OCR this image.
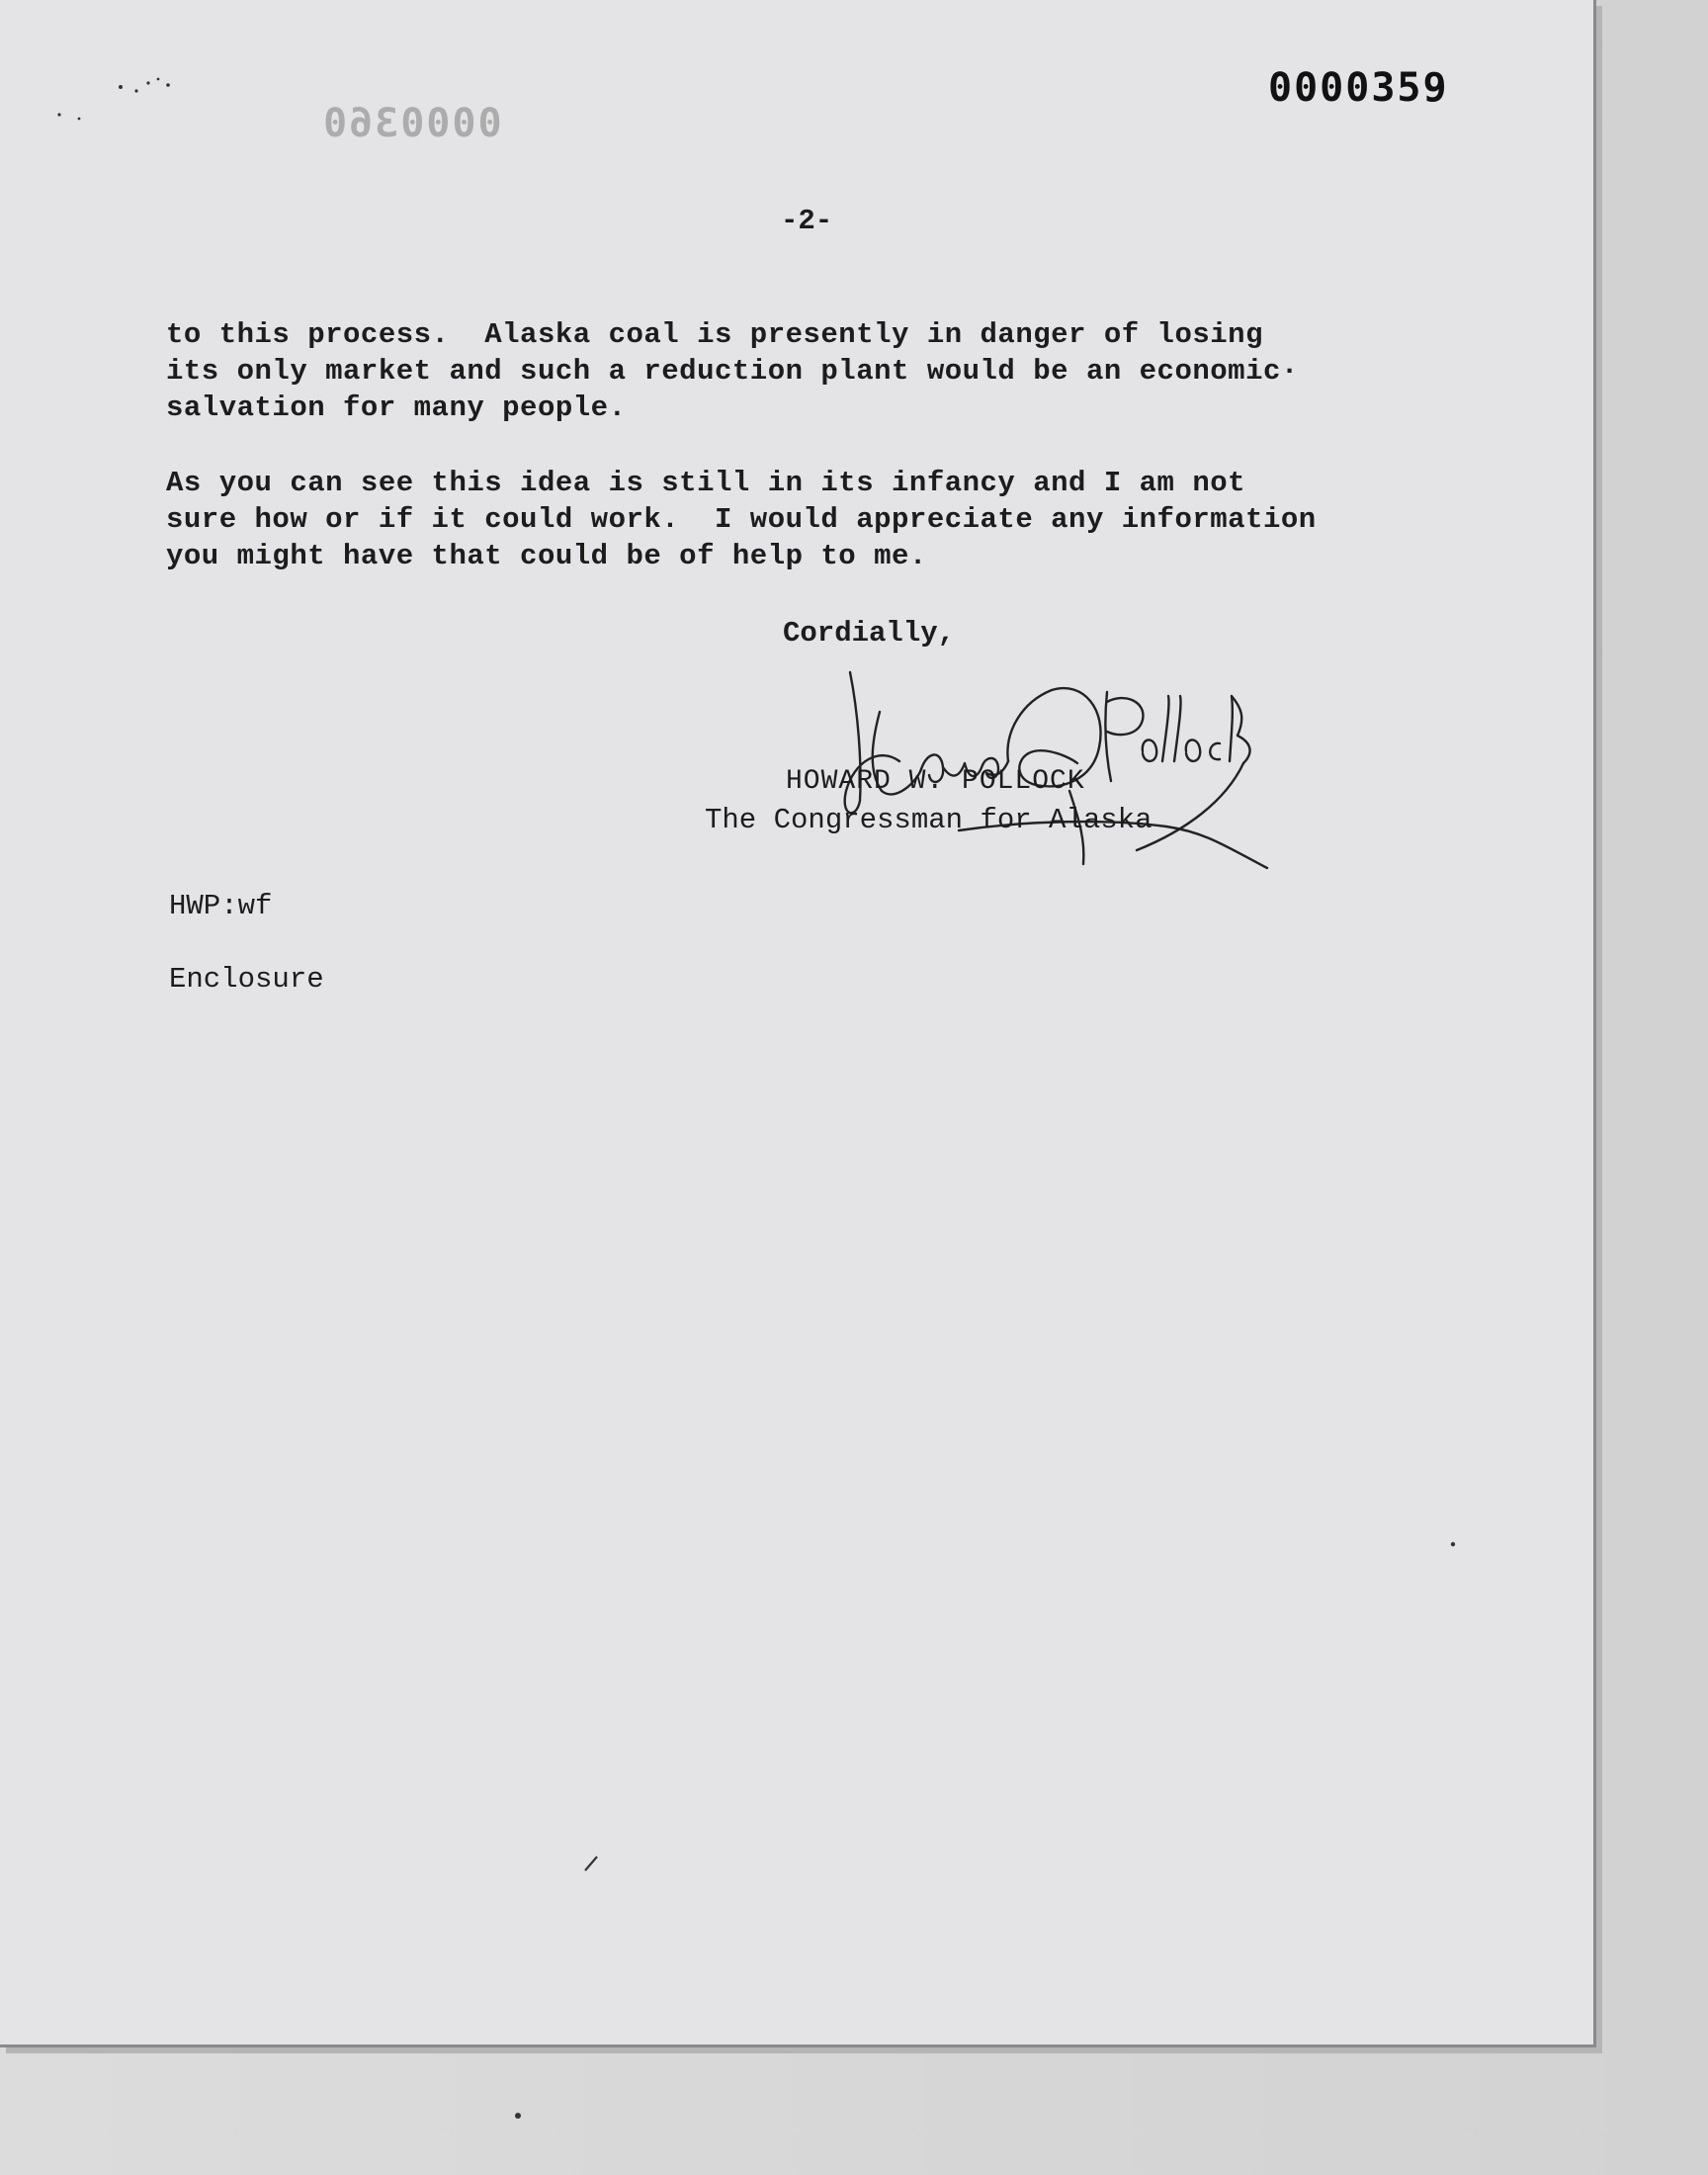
0000360
0000359
-2-

to this process.  Alaska coal is presently in danger of losing
its only market and such a reduction plant would be an economic·
salvation for many people.

As you can see this idea is still in its infancy and I am not
sure how or if it could work.  I would appreciate any information
you might have that could be of help to me.

Cordially,
HOWARD W. POLLOCK
The Congressman for Alaska
HWP:wf
Enclosure
